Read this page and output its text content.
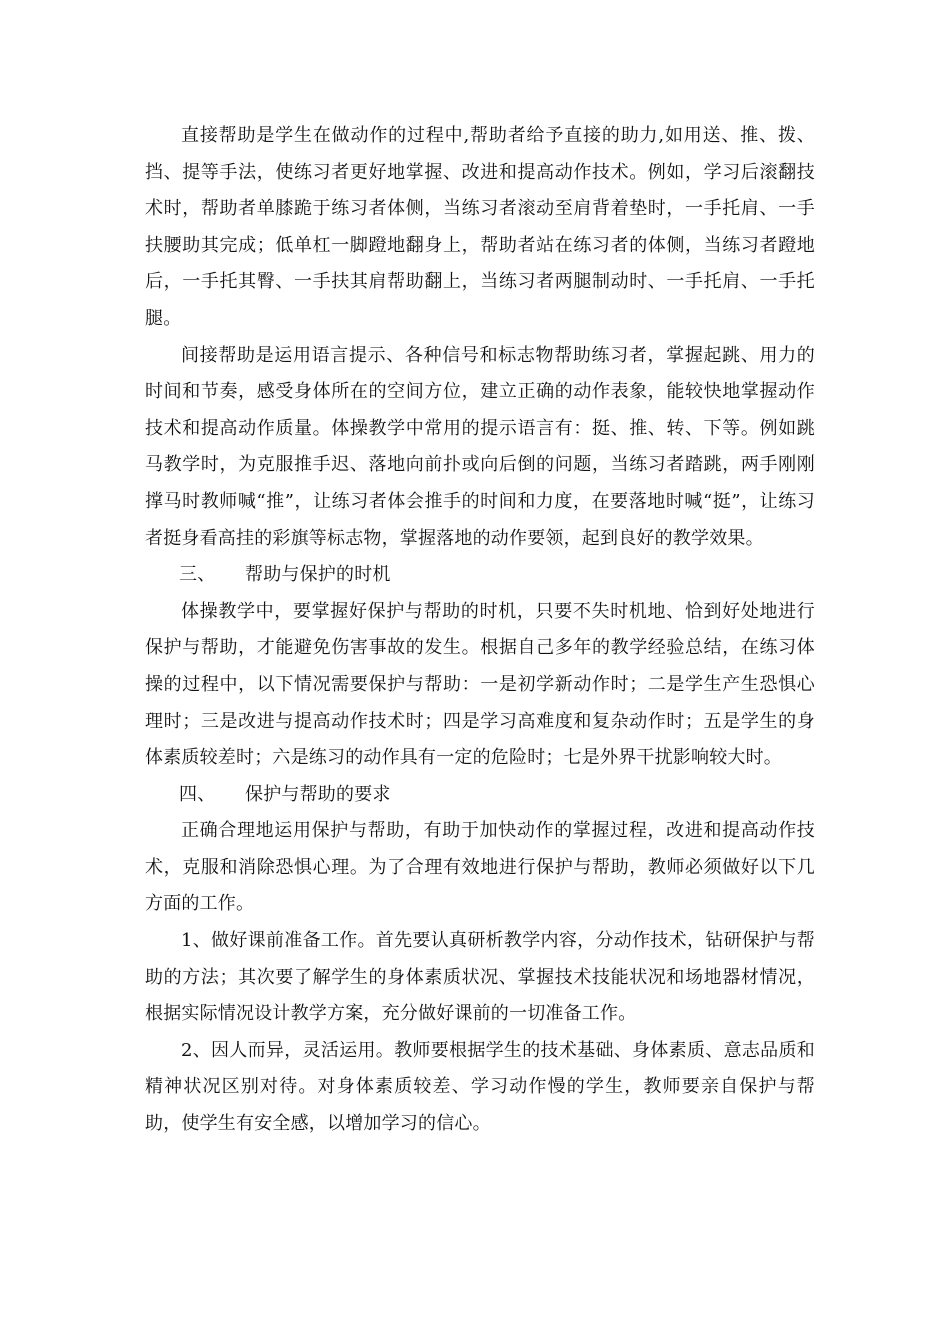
直接帮助是学生在做动作的过程中,帮助者给予直接的助力,如用送、推、拨、挡、提等手法，使练习者更好地掌握、改进和提高动作技术。例如，学习后滚翻技术时，帮助者单膝跪于练习者体侧，当练习者滚动至肩背着垫时，一手托肩、一手扶腰助其完成；低单杠一脚蹬地翻身上，帮助者站在练习者的体侧，当练习者蹬地后，一手托其臀、一手扶其肩帮助翻上，当练习者两腿制动时、一手托肩、一手托腿。

间接帮助是运用语言提示、各种信号和标志物帮助练习者，掌握起跳、用力的时间和节奏，感受身体所在的空间方位，建立正确的动作表象，能较快地掌握动作技术和提高动作质量。体操教学中常用的提示语言有：挺、推、转、下等。例如跳马教学时，为克服推手迟、落地向前扑或向后倒的问题，当练习者踏跳，两手刚刚撑马时教师喊“推”，让练习者体会推手的时间和力度，在要落地时喊“挺”，让练习者挺身看高挂的彩旗等标志物，掌握落地的动作要领，起到良好的教学效果。

三、 帮助与保护的时机

体操教学中，要掌握好保护与帮助的时机，只要不失时机地、恰到好处地进行保护与帮助，才能避免伤害事故的发生。根据自己多年的教学经验总结，在练习体操的过程中，以下情况需要保护与帮助：一是初学新动作时；二是学生产生恐惧心理时；三是改进与提高动作技术时；四是学习高难度和复杂动作时；五是学生的身体素质较差时；六是练习的动作具有一定的危险时；七是外界干扰影响较大时。

四、 保护与帮助的要求

正确合理地运用保护与帮助，有助于加快动作的掌握过程，改进和提高动作技术，克服和消除恐惧心理。为了合理有效地进行保护与帮助，教师必须做好以下几方面的工作。

1、做好课前准备工作。首先要认真研析教学内容，分动作技术，钻研保护与帮助的方法；其次要了解学生的身体素质状况、掌握技术技能状况和场地器材情况，根据实际情况设计教学方案，充分做好课前的一切准备工作。

2、因人而异，灵活运用。教师要根据学生的技术基础、身体素质、意志品质和精神状况区别对待。对身体素质较差、学习动作慢的学生，教师要亲自保护与帮助，使学生有安全感，以增加学习的信心。
